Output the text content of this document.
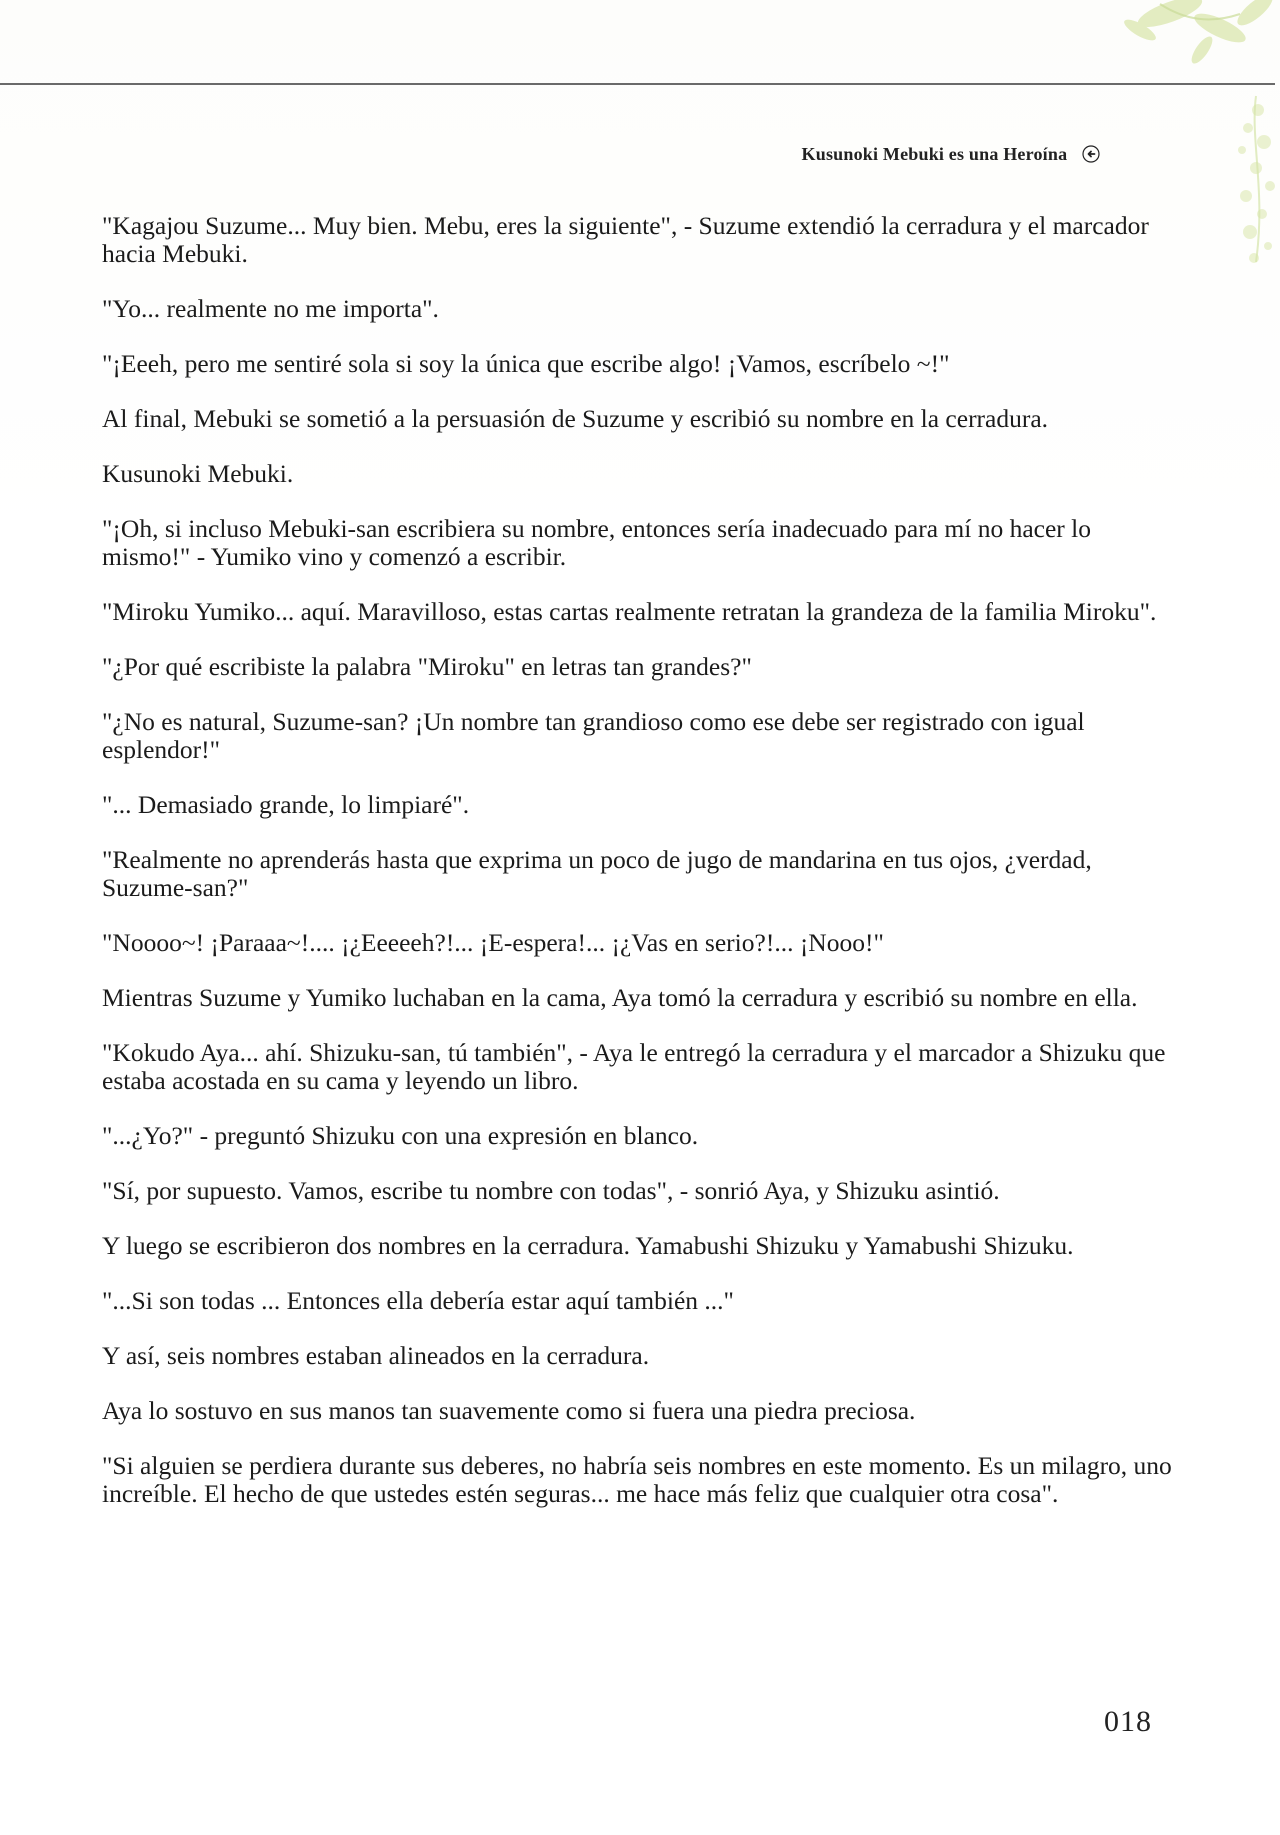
Kusunoki Mebuki es una Heroína

"Kagajou Suzume... Muy bien. Mebu, eres la siguiente", - Suzume extendió la cerradura y el marcador hacia Mebuki.

"Yo... realmente no me importa".

"¡Eeeh, pero me sentiré sola si soy la única que escribe algo! ¡Vamos, escríbelo ~!"

Al final, Mebuki se sometió a la persuasión de Suzume y escribió su nombre en la cerradura.

Kusunoki Mebuki.

"¡Oh, si incluso Mebuki-san escribiera su nombre, entonces sería inadecuado para mí no hacer lo mismo!" - Yumiko vino y comenzó a escribir.

"Miroku Yumiko... aquí. Maravilloso, estas cartas realmente retratan la grandeza de la familia Miroku".

"¿Por qué escribiste la palabra "Miroku" en letras tan grandes?"

"¿No es natural, Suzume-san? ¡Un nombre tan grandioso como ese debe ser registrado con igual esplendor!"

"... Demasiado grande, lo limpiaré".

"Realmente no aprenderás hasta que exprima un poco de jugo de mandarina en tus ojos, ¿verdad, Suzume-san?"

"Noooo~! ¡Paraaa~!.... ¡¿Eeeeeh?!... ¡E-espera!... ¡¿Vas en serio?!... ¡Nooo!"

Mientras Suzume y Yumiko luchaban en la cama, Aya tomó la cerradura y escribió su nombre en ella.

"Kokudo Aya... ahí. Shizuku-san, tú también", - Aya le entregó la cerradura y el marcador a Shizuku que estaba acostada en su cama y leyendo un libro.

"...¿Yo?" - preguntó Shizuku con una expresión en blanco.

"Sí, por supuesto. Vamos, escribe tu nombre con todas", - sonrió Aya, y Shizuku asintió.

Y luego se escribieron dos nombres en la cerradura. Yamabushi Shizuku y Yamabushi Shizuku.

"...Si son todas ... Entonces ella debería estar aquí también ..."

Y así, seis nombres estaban alineados en la cerradura.

Aya lo sostuvo en sus manos tan suavemente como si fuera una piedra preciosa.

"Si alguien se perdiera durante sus deberes, no habría seis nombres en este momento. Es un milagro, uno increíble. El hecho de que ustedes estén seguras... me hace más feliz que cualquier otra cosa".

018
